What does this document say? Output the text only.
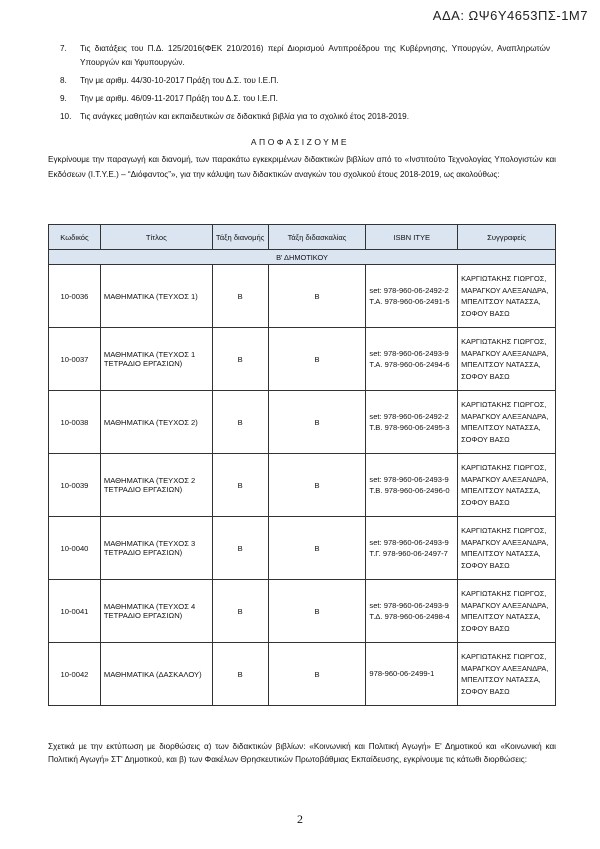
ΑΔΑ: ΩΨ6Υ4653ΠΣ-1Μ7
7.	Τις διατάξεις του Π.Δ. 125/2016(ΦΕΚ 210/2016) περί Διορισμού Αντιπροέδρου της Κυβέρνησης, Υπουργών, Αναπληρωτών Υπουργών και Υφυπουργών.
8.	Την με αριθμ. 44/30-10-2017 Πράξη του Δ.Σ. του Ι.Ε.Π.
9.	Την με αριθμ. 46/09-11-2017 Πράξη του Δ.Σ. του Ι.Ε.Π.
10.	Τις ανάγκες μαθητών και εκπαιδευτικών σε διδακτικά βιβλία για το σχολικό έτος 2018-2019.
ΑΠΟΦΑΣΙΖΟΥΜΕ
Εγκρίνουμε την παραγωγή και διανομή, των παρακάτω εγκεκριμένων διδακτικών βιβλίων από το «Ινστιτούτο Τεχνολογίας Υπολογιστών και Εκδόσεων (Ι.Τ.Υ.Ε.) – “Διόφαντος”», για την κάλυψη των διδακτικών αναγκών του σχολικού έτους 2018-2019, ως ακολούθως:
Κωδικός	Τίτλος	Τάξη διανομής	Τάξη διδασκαλίας	ISBN ΙΤΥΕ	Συγγραφείς
Β' ΔΗΜΟΤΙΚΟΥ					
10-0036	ΜΑΘΗΜΑΤΙΚΑ (ΤΕΥΧΟΣ 1)	Β	Β	set: 978-960-06-2492-2 Τ.Α. 978-960-06-2491-5	ΚΑΡΓΙΩΤΑΚΗΣ ΓΙΩΡΓΟΣ, ΜΑΡΑΓΚΟΥ ΑΛΕΞΑΝΔΡΑ, ΜΠΕΛΙΤΣΟΥ ΝΑΤΑΣΣΑ, ΣΟΦΟΥ ΒΑΣΩ
10-0037	ΜΑΘΗΜΑΤΙΚΑ (ΤΕΥΧΟΣ 1 ΤΕΤΡΑΔΙΟ ΕΡΓΑΣΙΩΝ)	Β	Β	set: 978-960-06-2493-9 Τ.Α. 978-960-06-2494-6	ΚΑΡΓΙΩΤΑΚΗΣ ΓΙΩΡΓΟΣ, ΜΑΡΑΓΚΟΥ ΑΛΕΞΑΝΔΡΑ, ΜΠΕΛΙΤΣΟΥ ΝΑΤΑΣΣΑ, ΣΟΦΟΥ ΒΑΣΩ
10-0038	ΜΑΘΗΜΑΤΙΚΑ (ΤΕΥΧΟΣ 2)	Β	Β	set: 978-960-06-2492-2 Τ.Β. 978-960-06-2495-3	ΚΑΡΓΙΩΤΑΚΗΣ ΓΙΩΡΓΟΣ, ΜΑΡΑΓΚΟΥ ΑΛΕΞΑΝΔΡΑ, ΜΠΕΛΙΤΣΟΥ ΝΑΤΑΣΣΑ, ΣΟΦΟΥ ΒΑΣΩ
10-0039	ΜΑΘΗΜΑΤΙΚΑ (ΤΕΥΧΟΣ 2 ΤΕΤΡΑΔΙΟ ΕΡΓΑΣΙΩΝ)	Β	Β	set: 978-960-06-2493-9 Τ.Β. 978-960-06-2496-0	ΚΑΡΓΙΩΤΑΚΗΣ ΓΙΩΡΓΟΣ, ΜΑΡΑΓΚΟΥ ΑΛΕΞΑΝΔΡΑ, ΜΠΕΛΙΤΣΟΥ ΝΑΤΑΣΣΑ, ΣΟΦΟΥ ΒΑΣΩ
10-0040	ΜΑΘΗΜΑΤΙΚΑ (ΤΕΥΧΟΣ 3 ΤΕΤΡΑΔΙΟ ΕΡΓΑΣΙΩΝ)	Β	Β	set: 978-960-06-2493-9 Τ.Γ. 978-960-06-2497-7	ΚΑΡΓΙΩΤΑΚΗΣ ΓΙΩΡΓΟΣ, ΜΑΡΑΓΚΟΥ ΑΛΕΞΑΝΔΡΑ, ΜΠΕΛΙΤΣΟΥ ΝΑΤΑΣΣΑ, ΣΟΦΟΥ ΒΑΣΩ
10-0041	ΜΑΘΗΜΑΤΙΚΑ (ΤΕΥΧΟΣ 4 ΤΕΤΡΑΔΙΟ ΕΡΓΑΣΙΩΝ)	Β	Β	set: 978-960-06-2493-9 Τ.Δ. 978-960-06-2498-4	ΚΑΡΓΙΩΤΑΚΗΣ ΓΙΩΡΓΟΣ, ΜΑΡΑΓΚΟΥ ΑΛΕΞΑΝΔΡΑ, ΜΠΕΛΙΤΣΟΥ ΝΑΤΑΣΣΑ, ΣΟΦΟΥ ΒΑΣΩ
10-0042	ΜΑΘΗΜΑΤΙΚΑ (ΔΑΣΚΑΛΟΥ)	Β	Β	978-960-06-2499-1	ΚΑΡΓΙΩΤΑΚΗΣ ΓΙΩΡΓΟΣ, ΜΑΡΑΓΚΟΥ ΑΛΕΞΑΝΔΡΑ, ΜΠΕΛΙΤΣΟΥ ΝΑΤΑΣΣΑ, ΣΟΦΟΥ ΒΑΣΩ
Σχετικά με την εκτύπωση με διορθώσεις α) των διδακτικών βιβλίων: «Κοινωνική και Πολιτική Αγωγή» Ε' Δημοτικού και «Κοινωνική και Πολιτική Αγωγή» ΣΤ' Δημοτικού, και β) των Φακέλων Θρησκευτικών Πρωτοβάθμιας Εκπαίδευσης, εγκρίνουμε τις κάτωθι διορθώσεις:
2
